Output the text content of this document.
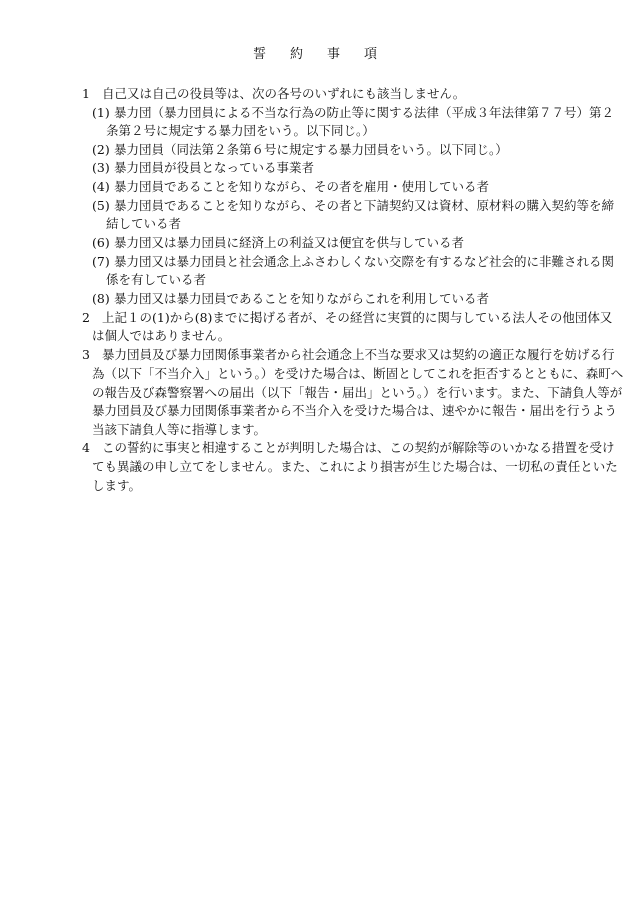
誓約事項
1 自己又は自己の役員等は、次の各号のいずれにも該当しません。
(1) 暴力団（暴力団員による不当な行為の防止等に関する法律（平成３年法律第７７号）第２
条第２号に規定する暴力団をいう。以下同じ。）
(2) 暴力団員（同法第２条第６号に規定する暴力団員をいう。以下同じ。）
(3) 暴力団員が役員となっている事業者
(4) 暴力団員であることを知りながら、その者を雇用・使用している者
(5) 暴力団員であることを知りながら、その者と下請契約又は資材、原材料の購入契約等を締
結している者
(6) 暴力団又は暴力団員に経済上の利益又は便宜を供与している者
(7) 暴力団又は暴力団員と社会通念上ふさわしくない交際を有するなど社会的に非難される関
係を有している者
(8) 暴力団又は暴力団員であることを知りながらこれを利用している者
2 上記１の(1)から(8)までに掲げる者が、その経営に実質的に関与している法人その他団体又
は個人ではありません。
3 暴力団員及び暴力団関係事業者から社会通念上不当な要求又は契約の適正な履行を妨げる行
為（以下「不当介入」という。）を受けた場合は、断固としてこれを拒否するとともに、森町へ
の報告及び森警察署への届出（以下「報告・届出」という。）を行います。また、下請負人等が
暴力団員及び暴力団関係事業者から不当介入を受けた場合は、速やかに報告・届出を行うよう
当該下請負人等に指導します。
4 この誓約に事実と相違することが判明した場合は、この契約が解除等のいかなる措置を受け
ても異議の申し立てをしません。また、これにより損害が生じた場合は、一切私の責任といた
します。
